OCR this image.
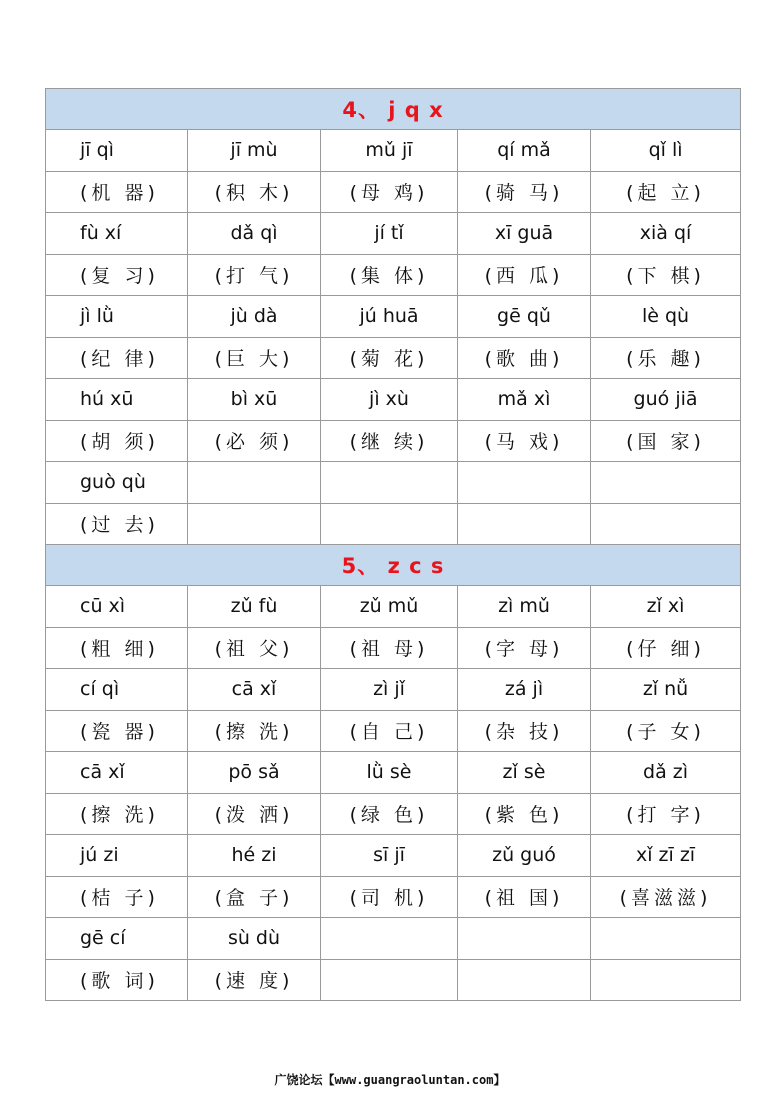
4、 j q x				
jī qì	jī mù	mǔ jī	qí mǎ	qǐ lì
(机 器)	(积 木)	(母 鸡)	(骑 马)	(起 立)
fù xí	dǎ qì	jí tǐ	xī guā	xià qí
(复 习)	(打 气)	(集 体)	(西 瓜)	(下 棋)
jì lǜ	jù dà	jú huā	gē qǔ	lè qù
(纪 律)	(巨 大)	(菊 花)	(歌 曲)	(乐 趣)
hú xū	bì xū	jì xù	mǎ xì	guó jiā
(胡 须)	(必 须)	(继 续)	(马 戏)	(国 家)
guò qù				
(过 去)				
5、 z c s				
cū xì	zǔ fù	zǔ mǔ	zì mǔ	zǐ xì
(粗 细)	(祖 父)	(祖 母)	(字 母)	(仔 细)
cí qì	cā xǐ	zì jǐ	zá jì	zǐ nǚ
(瓷 器)	(擦 洗)	(自 己)	(杂 技)	(子 女)
cā xǐ	pō sǎ	lǜ sè	zǐ sè	dǎ zì
(擦 洗)	(泼 洒)	(绿 色)	(紫 色)	(打 字)
jú zi	hé zi	sī jī	zǔ guó	xǐ zī zī
(桔 子)	(盒 子)	(司 机)	(祖 国)	(喜滋滋)
gē cí	sù dù			
(歌 词)	(速 度)			
广饶论坛【www.guangraoluntan.com】
